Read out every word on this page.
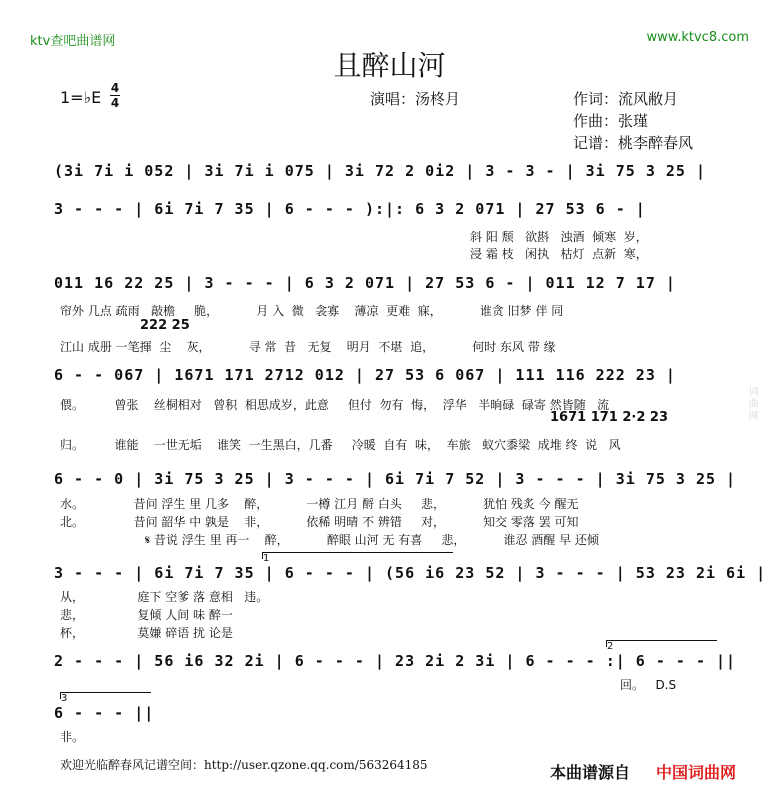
词曲网
ktv查吧曲谱网	www.ktvc8.com
且醉山河
1=♭E 4
4	演唱：汤柊月	作词：流风敝月
作曲：张瑾
记谱：桃李醉春风
(3i 7i i 052 | 3i 7i i 075 | 3i 72 2 0i2 | 3 - 3 - | 3i 75 3 25 |
3 - - - | 6i 7i 7 35 | 6 - - - ):|: 6 3 2 071 | 27 53 6 - |
斜 阳 颓   欲斟   浊酒  倾寒  岁，
浸 霜 枝   闲执   枯灯  点新  寒，
011 16 22 25 | 3 - - - | 6 3 2 071 | 27 53 6 - | 011 12 7 17 |
帘外 几点 疏雨   敲檐     脆，          月 入  微   衾寡    薄凉  更难  寐，          谁贪 旧梦 伴 同
222 25
江山 成册 一笔揮  尘    灰，          寻 常  昔   无复    明月  不堪  追，          何时 东风 带 缘
6 - - 067 | 1671 171 2712 012 | 27 53 6 067 | 111 116 222 23 |
偎。        曾张    丝桐相对   曾积  相思成岁，此意     但付  勿有  悔，  浮华   半晌碌  碌寄 然皆随   流
1671 171 2·2 23
归。        谁能    一世无垢    谁笑  一生黑白，几番     冷暖  自有  味，  车旅   蚁穴黍梁  成堆 终  说   风
6 - - 0 | 3i 75 3 25 | 3 - - - | 6i 7i 7 52 | 3 - - - | 3i 75 3 25 |
水。             昔问 浮生 里 几多    醉，          一樽 江月 酹 白头     悲，          犹怕 残炙 今 醒无
北。             昔问 韶华 中 孰是    非，          依稀 明晴 不 辨错     对，          知交 零落 罢 可知
𝄋 昔说 浮生 里 再一    醉，          醉眼 山河 无 有喜     悲，          谁忍 酒醒 早 还倾
1
3 - - - | 6i 7i 7 35 | 6 - - - | (56 i6 23 52 | 3 - - - | 53 23 2i 6i |
从，              庭下 空爹 落 意相   违。
悲，              复倾 人间 味 醉一
杯，              莫嫌 碎语 扰 论是
2
2 - - - | 56 i6 32 2i | 6 - - - | 23 2i 2 3i | 6 - - - :| 6 - - - ||
回。   D.S
3
6 - - - ||
非。
欢迎光临醉春风记谱空间：http://user.qzone.qq.com/563264185	本曲谱源自 中国词曲网
